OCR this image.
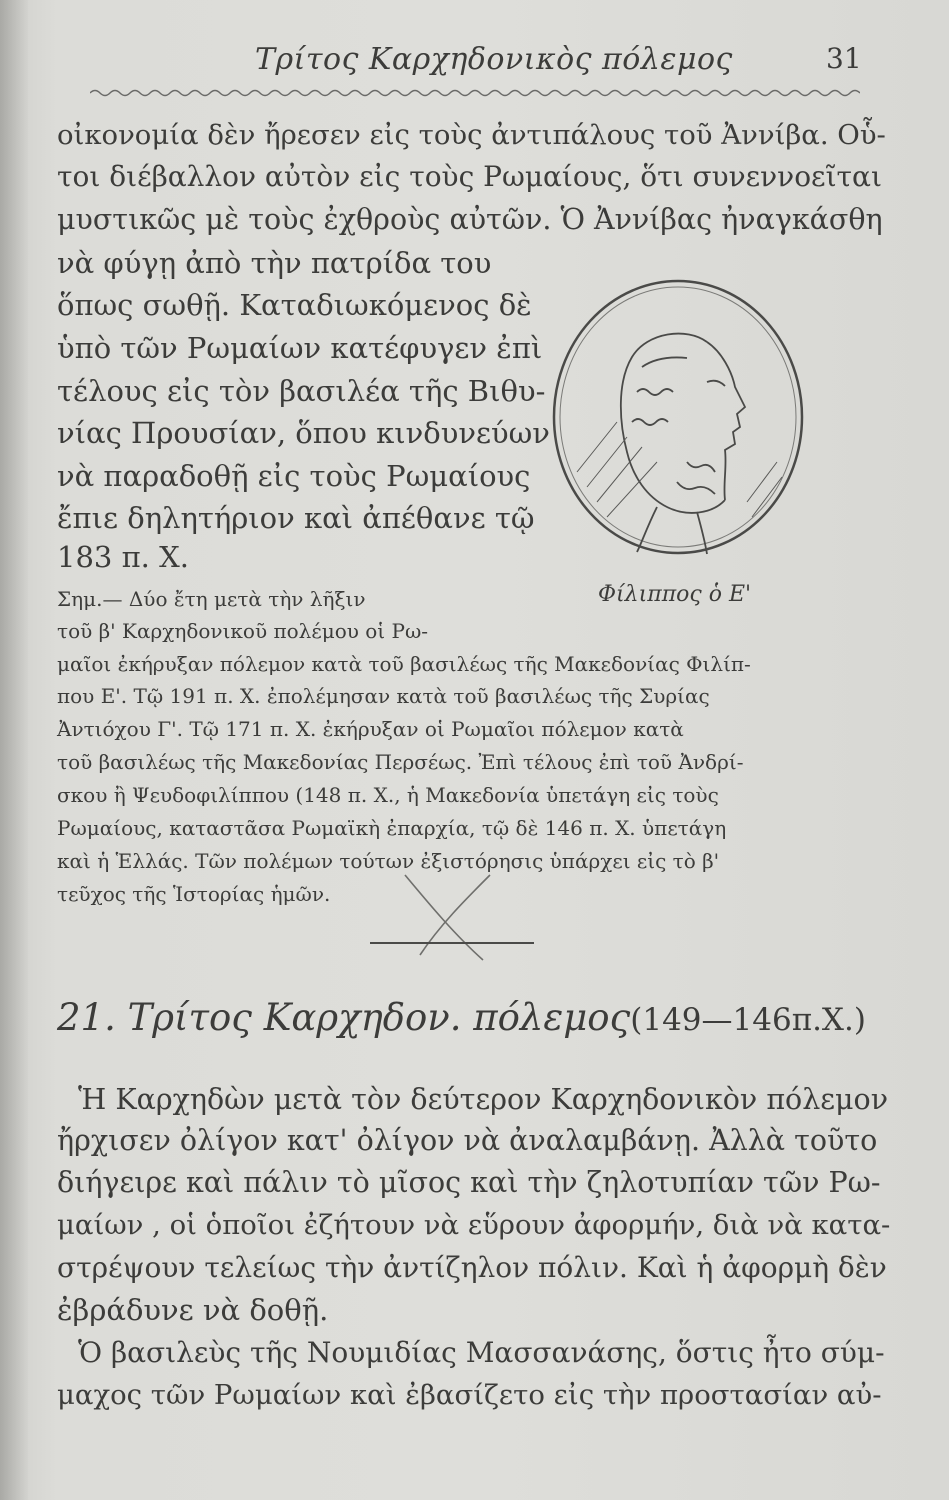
Τρίτος Καρχηδονικὸς πόλεμος	31
οἰκονομία δὲν ἤρεσεν εἰς τοὺς ἀντιπάλους τοῦ Ἀννίβα. Οὗ-
τοι διέβαλλον αὐτὸν εἰς τοὺς Ρωμαίους, ὅτι συνεννοεῖται
μυστικῶς μὲ τοὺς ἐχθροὺς αὐτῶν. Ὁ Ἀννίβας ἠναγκάσθη
νὰ φύγῃ ἀπὸ τὴν πατρίδα του
ὅπως σωθῇ. Καταδιωκόμενος δὲ
ὑπὸ τῶν Ρωμαίων κατέφυγεν ἐπὶ
τέλους εἰς τὸν βασιλέα τῆς Βιθυ-
νίας Προυσίαν, ὅπου κινδυνεύων
νὰ παραδοθῇ εἰς τοὺς Ρωμαίους
ἔπιε δηλητήριον καὶ ἀπέθανε τῷ
183 π. Χ.
Φίλιππος ὁ Ε'
Σημ.— Δύο ἔτη μετὰ τὴν λῆξιν
τοῦ β' Καρχηδονικοῦ πολέμου οἱ Ρω-
μαῖοι ἐκήρυξαν πόλεμον κατὰ τοῦ βασιλέως τῆς Μακεδονίας Φιλίπ-
που Ε'. Τῷ 191 π. Χ. ἐπολέμησαν κατὰ τοῦ βασιλέως τῆς Συρίας
Ἀντιόχου Γ'. Τῷ 171 π. Χ. ἐκήρυξαν οἱ Ρωμαῖοι πόλεμον κατὰ
τοῦ βασιλέως τῆς Μακεδονίας Περσέως. Ἐπὶ τέλους ἐπὶ τοῦ Ἀνδρί-
σκου ἢ Ψευδοφιλίππου (148 π. Χ., ἡ Μακεδονία ὑπετάγη εἰς τοὺς
Ρωμαίους, καταστᾶσα Ρωμαϊκὴ ἐπαρχία, τῷ δὲ 146 π. Χ. ὑπετάγη
καὶ ἡ Ἑλλάς. Τῶν πολέμων τούτων ἐξιστόρησις ὑπάρχει εἰς τὸ β'
τεῦχος τῆς Ἱστορίας ἡμῶν.
21. Τρίτος Καρχηδον. πόλεμος(149—146π.Χ.)
Ἡ Καρχηδὼν μετὰ τὸν δεύτερον Καρχηδονικὸν πόλεμον
ἤρχισεν ὀλίγον κατ' ὀλίγον νὰ ἀναλαμβάνῃ. Ἀλλὰ τοῦτο
διήγειρε καὶ πάλιν τὸ μῖσος καὶ τὴν ζηλοτυπίαν τῶν Ρω-
μαίων , οἱ ὁποῖοι ἐζήτουν νὰ εὕρουν ἀφορμήν, διὰ νὰ κατα-
στρέψουν τελείως τὴν ἀντίζηλον πόλιν. Καὶ ἡ ἀφορμὴ δὲν
ἐβράδυνε νὰ δοθῇ.
Ὁ βασιλεὺς τῆς Νουμιδίας Μασσανάσης, ὅστις ἦτο σύμ-
μαχος τῶν Ρωμαίων καὶ ἐβασίζετο εἰς τὴν προστασίαν αὐ-
